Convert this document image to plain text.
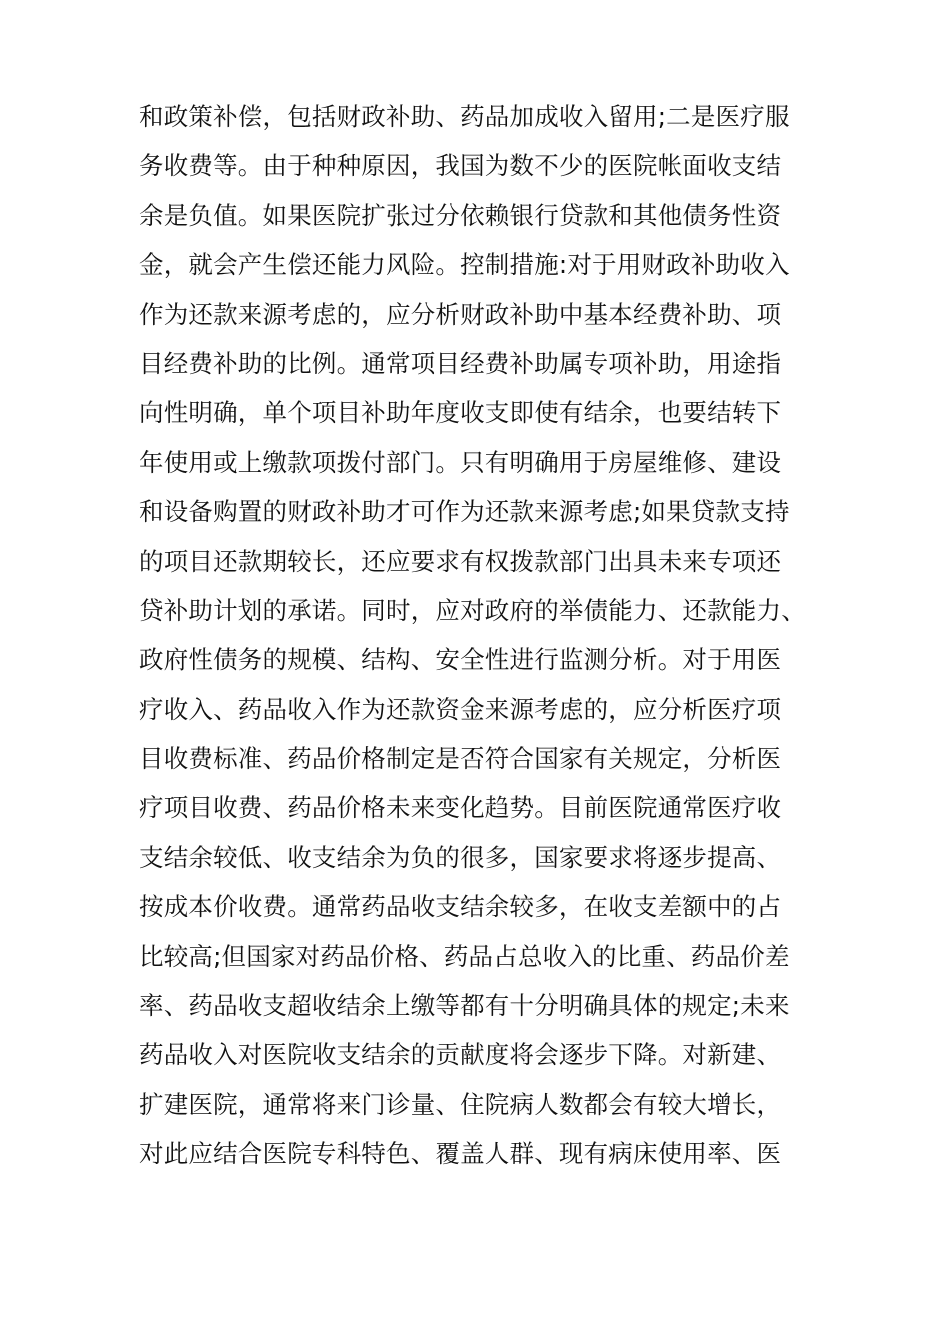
和政策补偿，包括财政补助、药品加成收入留用;二是医疗服
务收费等。由于种种原因，我国为数不少的医院帐面收支结
余是负值。如果医院扩张过分依赖银行贷款和其他债务性资
金，就会产生偿还能力风险。控制措施:对于用财政补助收入
作为还款来源考虑的，应分析财政补助中基本经费补助、项
目经费补助的比例。通常项目经费补助属专项补助，用途指
向性明确，单个项目补助年度收支即使有结余，也要结转下
年使用或上缴款项拨付部门。只有明确用于房屋维修、建设
和设备购置的财政补助才可作为还款来源考虑;如果贷款支持
的项目还款期较长，还应要求有权拨款部门出具未来专项还
贷补助计划的承诺。同时，应对政府的举债能力、还款能力、
政府性债务的规模、结构、安全性进行监测分析。对于用医
疗收入、药品收入作为还款资金来源考虑的，应分析医疗项
目收费标准、药品价格制定是否符合国家有关规定，分析医
疗项目收费、药品价格未来变化趋势。目前医院通常医疗收
支结余较低、收支结余为负的很多，国家要求将逐步提高、
按成本价收费。通常药品收支结余较多，在收支差额中的占
比较高;但国家对药品价格、药品占总收入的比重、药品价差
率、药品收支超收结余上缴等都有十分明确具体的规定;未来
药品收入对医院收支结余的贡献度将会逐步下降。对新建、
扩建医院，通常将来门诊量、住院病人数都会有较大增长，
对此应结合医院专科特色、覆盖人群、现有病床使用率、医
